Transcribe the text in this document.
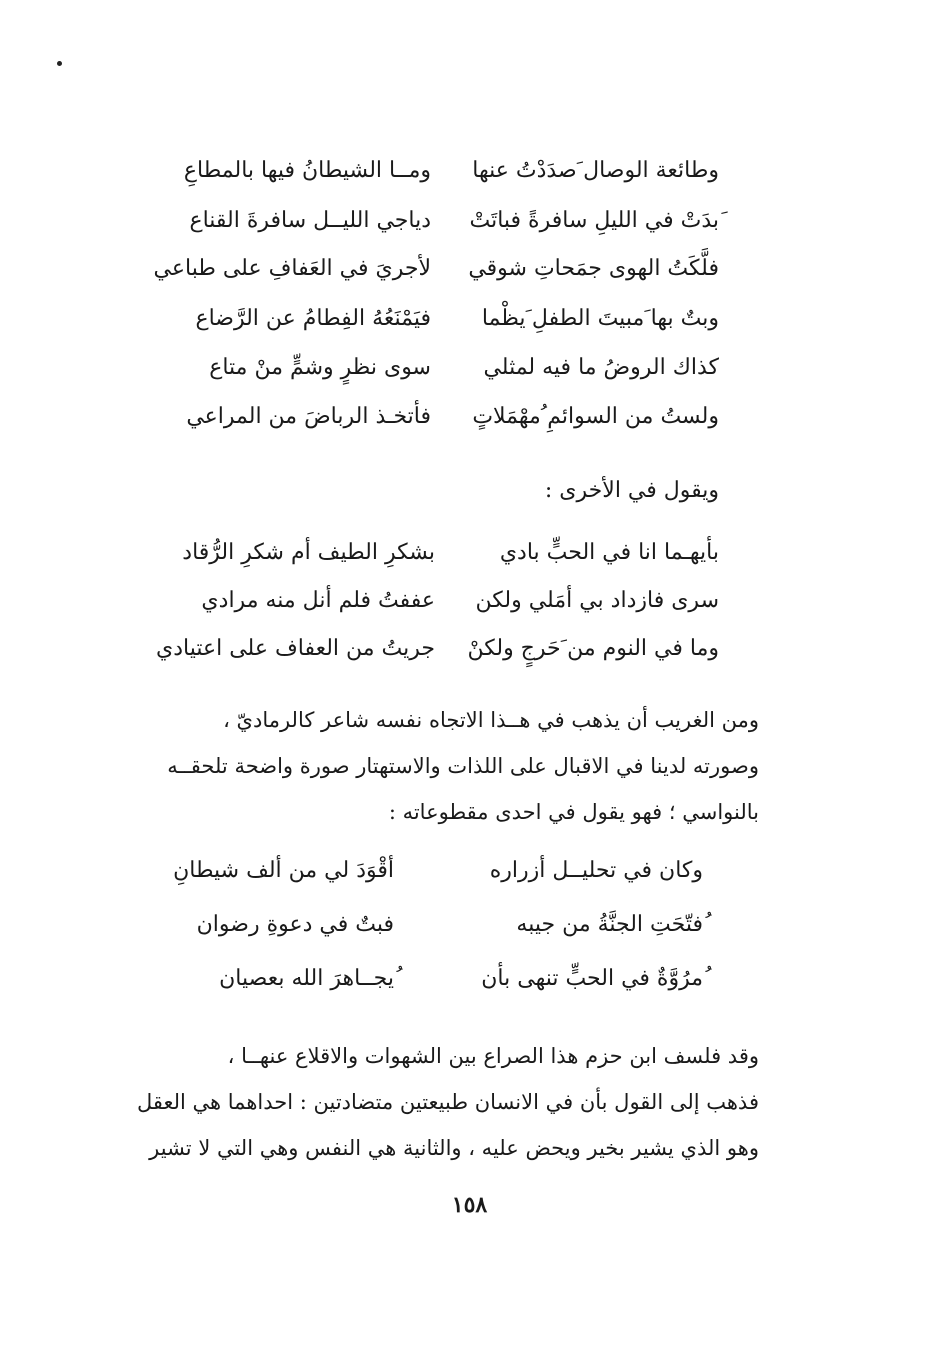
وطائعة الوصال َصدَدْتُ عنها
ومــا الشيطانُ فيها بالمطاعِ
َبدَتْ في الليلِ سافرةً فباتَتْ
دياجي الليــل سافرةَ القناع
فلَّكَتُ الهوى جمَحاتِ شوقي
لأجريَ في العَفافِ على طباعي
وبتٌ بها َمبيتَ الطفلِ َيظْما
فيَمْنَعُهُ الفِطامُ عن الرَّضاع
كذاك الروضُ ما فيه لمثلي
سوى نظرٍ وشمٍّ منْ متاع
ولستُ من السوائمِ ُمهْمَلاتٍ
فأتخـذ الرباضَ من المراعي
ويقول في الأخرى :
بأيهـما انا في الحبٍّ بادي
بشكرِ الطيف أم شكرِ الرُّقاد
سرى فازداد بي أمَلي ولكن
عففتُ فلم أنل منه مرادي
وما في النوم من َحَرجٍ ولكنْ
جريتُ من العفاف على اعتيادي
ومن الغريب أن يذهب في هــذا الاتجاه نفسه شاعر كالرماديّ ،
وصورته لدينا في الاقبال على اللذات والاستهتار صورة واضحة تلحقــه
بالنواسي ؛ فهو يقول في احدى مقطوعاته :
وكان في تحليــل أزراره
أقْوَدَ لي من ألف شيطانِ
ُفتّحَتِ الجنَّةُ من جيبه
فبتٌ في دعوةِ رضوان
ُمرُوَّةٌ في الحبٍّ تنهى بأن
ُيجــاهرَ الله بعصيان
وقد فلسف ابن حزم هذا الصراع بين الشهوات والاقلاع عنهــا ،
فذهب إلى القول بأن في الانسان طبيعتين متضادتين : احداهما هي العقل
وهو الذي يشير بخير ويحض عليه ، والثانية هي النفس وهي التي لا تشير
١٥٨
